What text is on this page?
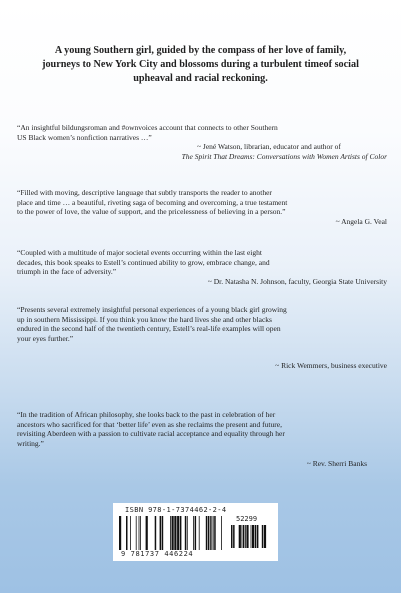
A young Southern girl, guided by the compass of her love of family,
journeys to New York City and blossoms during a turbulent timeof social
upheaval and racial reckoning.
“An insightful bildungsroman and #ownvoices account that connects to other Southern
US Black women’s nonfiction narratives …”
~ Jené Watson, librarian, educator and author of
The Spirit That Dreams: Conversations with Women Artists of Color
“Filled with moving, descriptive language that subtly transports the reader to another
place and time … a beautiful, riveting saga of becoming and overcoming, a true testament
to the power of love, the value of support, and the pricelessness of believing in a person.”
~ Angela G. Veal
“Coupled with a multitude of major societal events occurring within the last eight
decades, this book speaks to Estell’s continued ability to grow, embrace change, and
triumph in the face of adversity.”
~ Dr. Natasha N. Johnson, faculty, Georgia State University
“Presents several extremely insightful personal experiences of a young black girl growing
up in southern Mississippi. If you think you know the hard lives she and other blacks
endured in the second half of the twentieth century, Estell’s real-life examples will open
your eyes further.”
~ Rick Wemmers, business executive
“In the tradition of African philosophy, she looks back to the past in celebration of her
ancestors who sacrificed for that ‘better life’ even as she reclaims the present and future,
revisiting Aberdeen with a passion to cultivate racial acceptance and equality through her
writing.”
~ Rev. Sherri Banks
ISBN 978-1-7374462-2-4
52299
9 781737 446224
